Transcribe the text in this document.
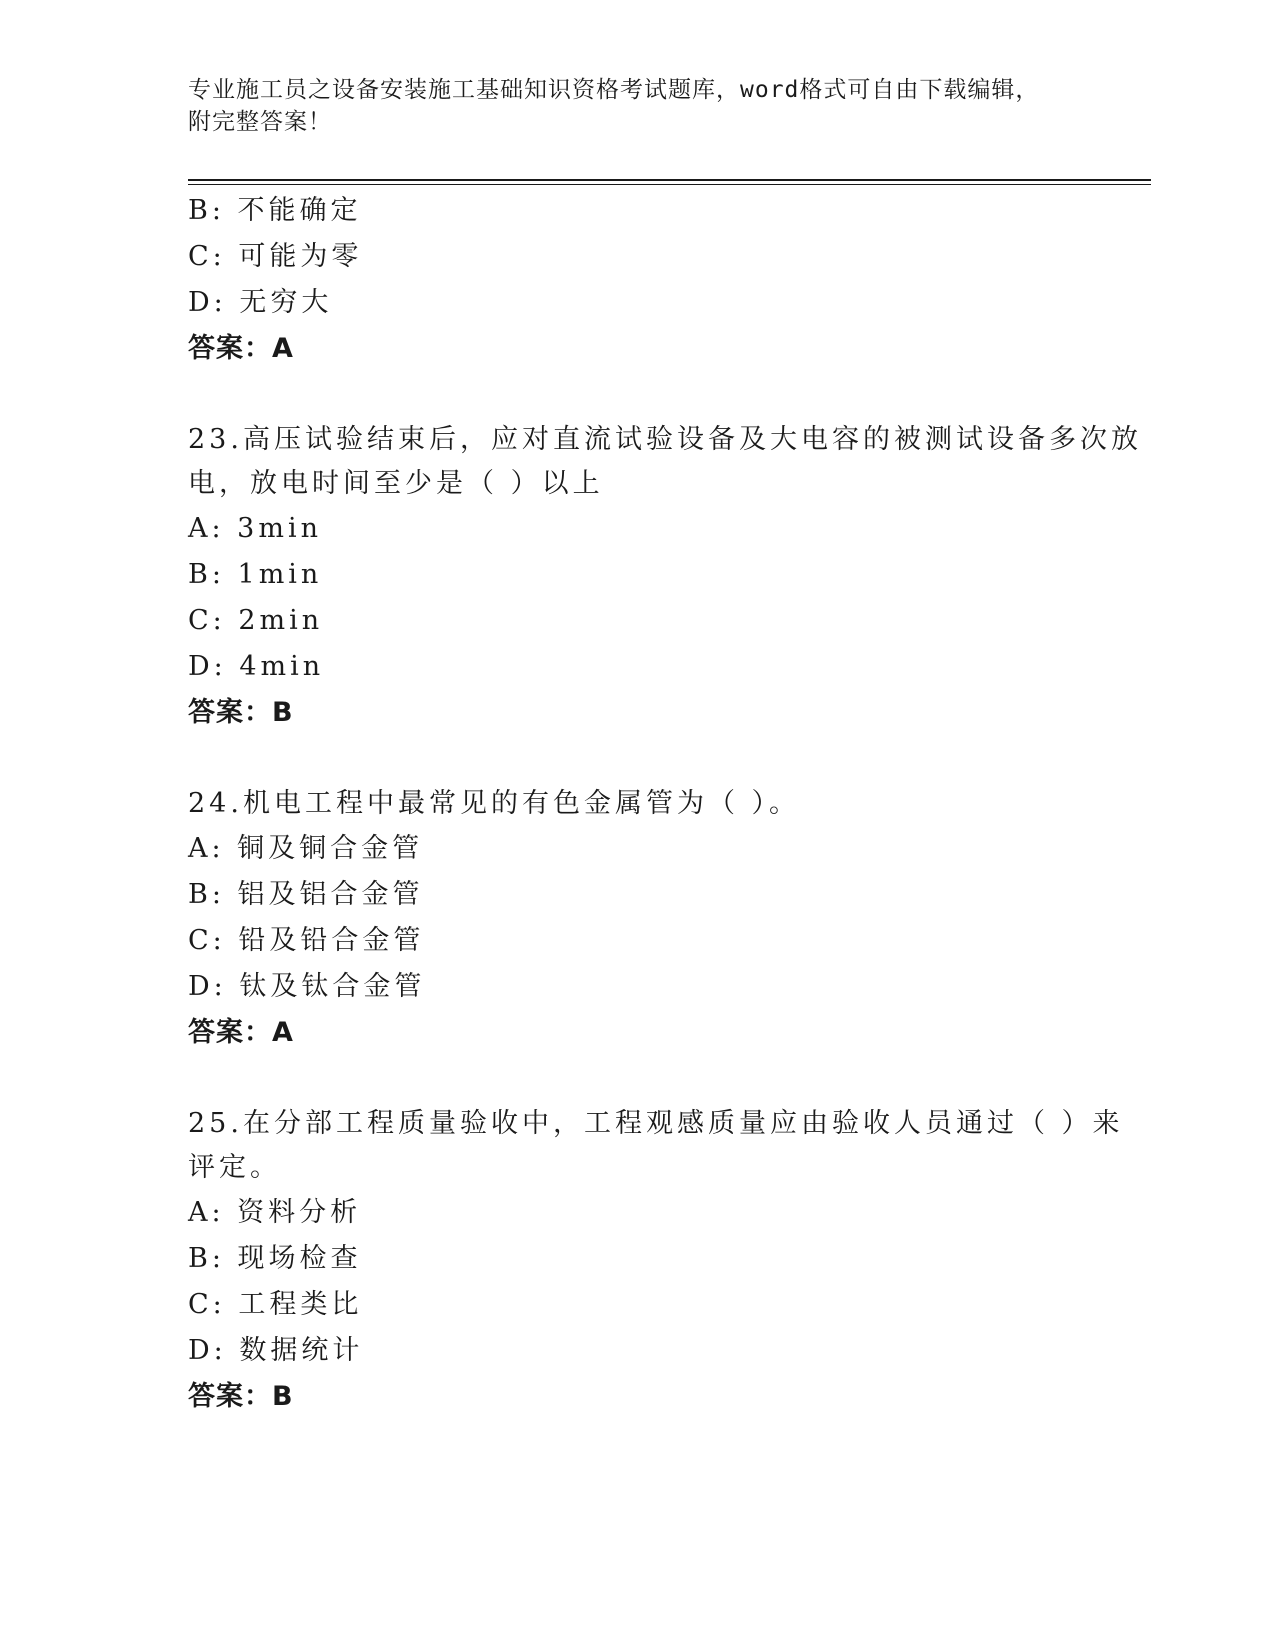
专业施工员之设备安装施工基础知识资格考试题库，word格式可自由下载编辑，
附完整答案！
B: 不能确定
C: 可能为零
D: 无穷大
答案：A
23.高压试验结束后，应对直流试验设备及大电容的被测试设备多次放
电，放电时间至少是（ ）以上
A: 3min
B: 1min
C: 2min
D: 4min
答案：B
24.机电工程中最常见的有色金属管为（ ）。
A: 铜及铜合金管
B: 铝及铝合金管
C: 铅及铅合金管
D: 钛及钛合金管
答案：A
25.在分部工程质量验收中，工程观感质量应由验收人员通过（ ）来
评定。
A: 资料分析
B: 现场检查
C: 工程类比
D: 数据统计
答案：B
